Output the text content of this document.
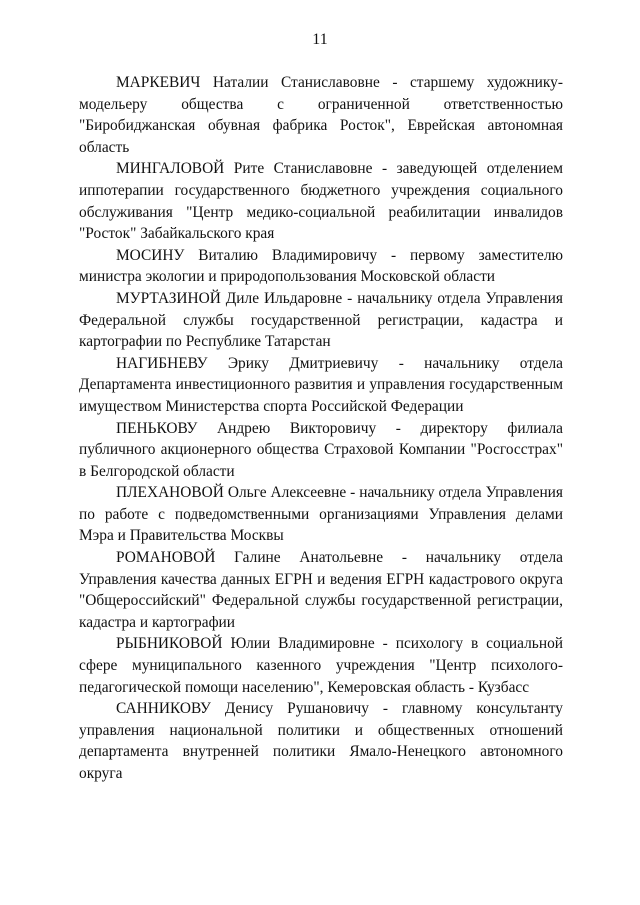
11

МАРКЕВИЧ Наталии Станиславовне - старшему художнику-модельеру общества с ограниченной ответственностью "Биробиджанская обувная фабрика Росток", Еврейская автономная область

МИНГАЛОВОЙ Рите Станиславовне - заведующей отделением иппотерапии государственного бюджетного учреждения социального обслуживания "Центр медико-социальной реабилитации инвалидов "Росток" Забайкальского края

МОСИНУ Виталию Владимировичу - первому заместителю министра экологии и природопользования Московской области

МУРТАЗИНОЙ Диле Ильдаровне - начальнику отдела Управления Федеральной службы государственной регистрации, кадастра и картографии по Республике Татарстан

НАГИБНЕВУ Эрику Дмитриевичу - начальнику отдела Департамента инвестиционного развития и управления государственным имуществом Министерства спорта Российской Федерации

ПЕНЬКОВУ Андрею Викторовичу - директору филиала публичного акционерного общества Страховой Компании "Росгосстрах" в Белгородской области

ПЛЕХАНОВОЙ Ольге Алексеевне - начальнику отдела Управления по работе с подведомственными организациями Управления делами Мэра и Правительства Москвы

РОМАНОВОЙ Галине Анатольевне - начальнику отдела Управления качества данных ЕГРН и ведения ЕГРН кадастрового округа "Общероссийский" Федеральной службы государственной регистрации, кадастра и картографии

РЫБНИКОВОЙ Юлии Владимировне - психологу в социальной сфере муниципального казенного учреждения "Центр психолого-педагогической помощи населению", Кемеровская область - Кузбасс

САННИКОВУ Денису Рушановичу - главному консультанту управления национальной политики и общественных отношений департамента внутренней политики Ямало-Ненецкого автономного округа
